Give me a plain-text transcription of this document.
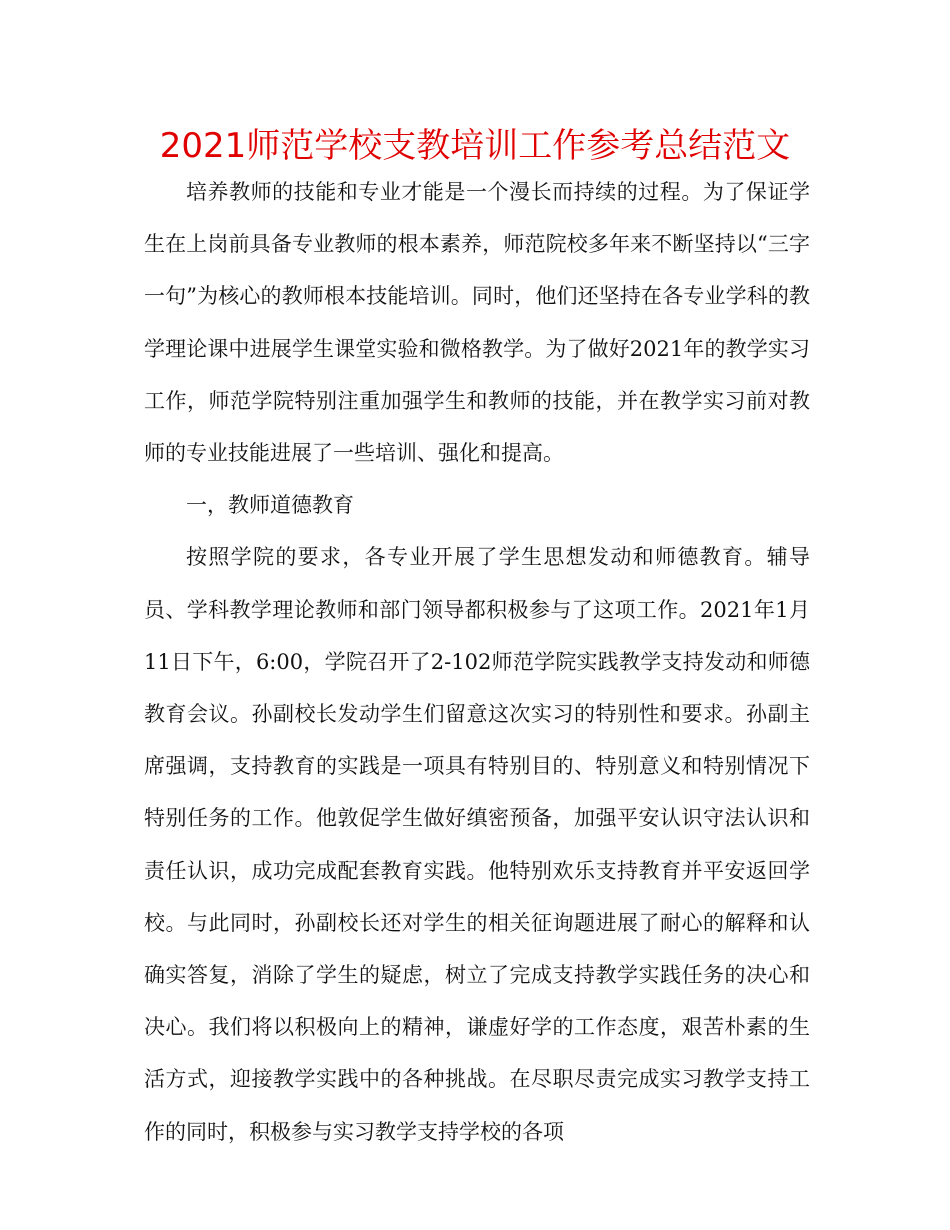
2021师范学校支教培训工作参考总结范文

培养教师的技能和专业才能是一个漫长而持续的过程。为了保证学生在上岗前具备专业教师的根本素养，师范院校多年来不断坚持以“三字一句”为核心的教师根本技能培训。同时，他们还坚持在各专业学科的教学理论课中进展学生课堂实验和微格教学。为了做好2021年的教学实习工作，师范学院特别注重加强学生和教师的技能，并在教学实习前对教师的专业技能进展了一些培训、强化和提高。

一，教师道德教育

按照学院的要求，各专业开展了学生思想发动和师德教育。辅导员、学科教学理论教师和部门领导都积极参与了这项工作。2021年1月11日下午，6:00，学院召开了2-102师范学院实践教学支持发动和师德教育会议。孙副校长发动学生们留意这次实习的特别性和要求。孙副主席强调，支持教育的实践是一项具有特别目的、特别意义和特别情况下特别任务的工作。他敦促学生做好缜密预备，加强平安认识守法认识和责任认识，成功完成配套教育实践。他特别欢乐支持教育并平安返回学校。与此同时，孙副校长还对学生的相关征询题进展了耐心的解释和认确实答复，消除了学生的疑虑，树立了完成支持教学实践任务的决心和决心。我们将以积极向上的精神，谦虚好学的工作态度，艰苦朴素的生活方式，迎接教学实践中的各种挑战。在尽职尽责完成实习教学支持工作的同时，积极参与实习教学支持学校的各项
